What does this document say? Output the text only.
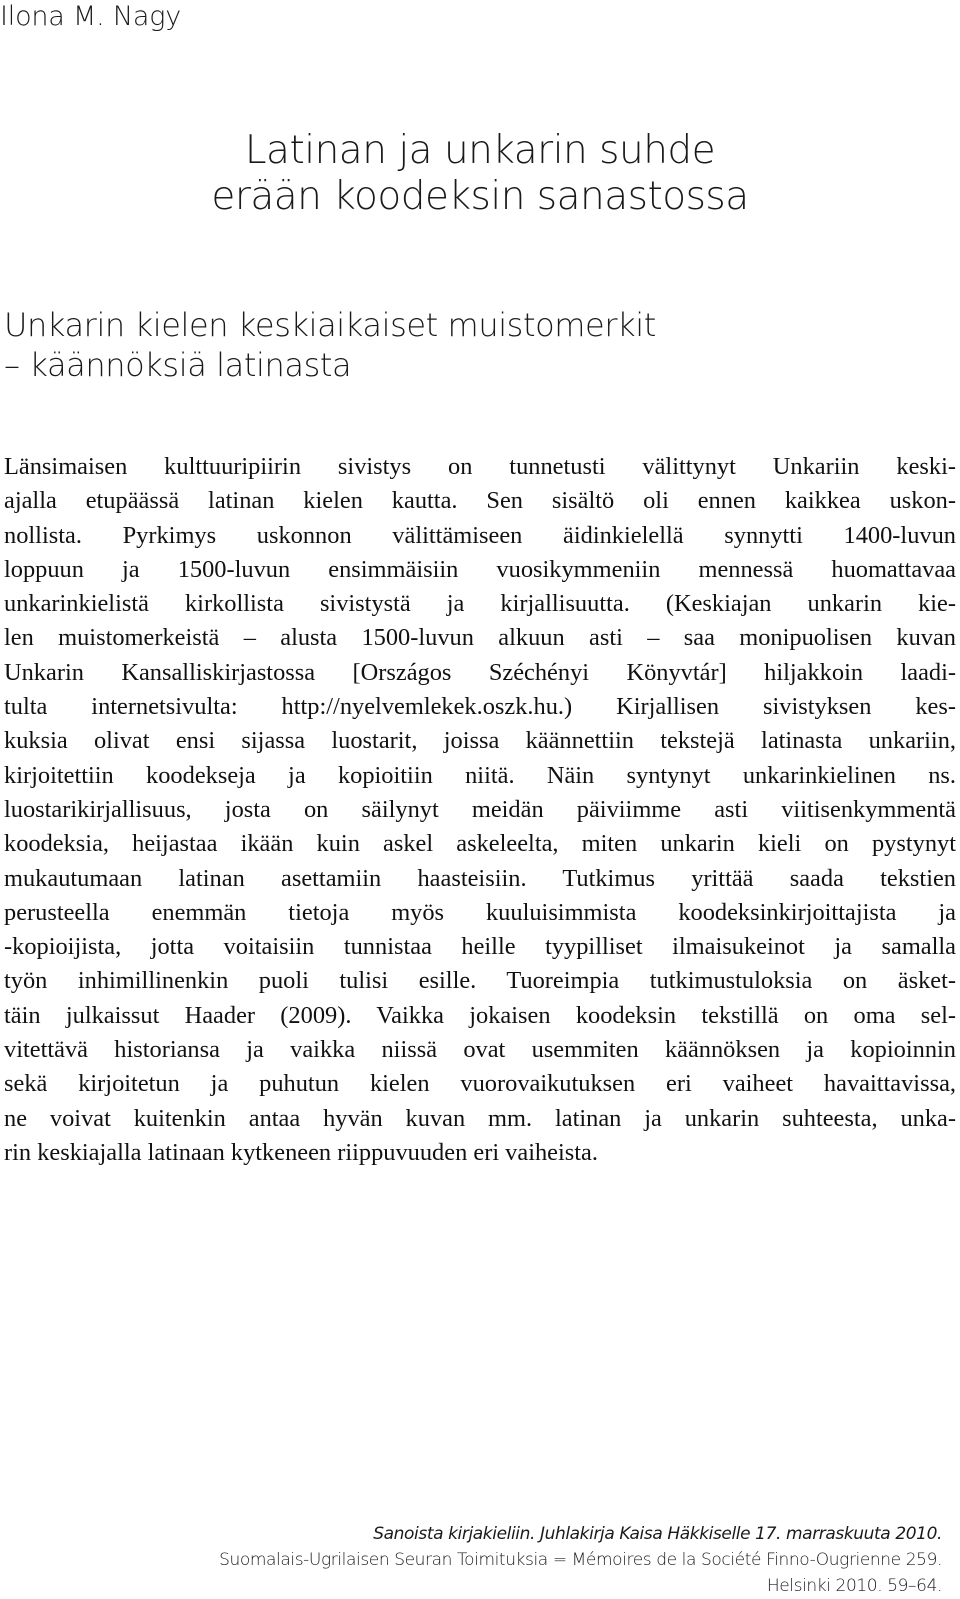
Ilona M. Nagy
Latinan ja unkarin suhde
erään koodeksin sanastossa
Unkarin kielen keskiaikaiset muistomerkit
– käännöksiä latinasta
Länsimaisen kulttuuripiirin sivistys on tunnetusti välittynyt Unkariin keski-
ajalla etupäässä latinan kielen kautta. Sen sisältö oli ennen kaikkea uskon-
nollista. Pyrkimys uskonnon välittämiseen äidinkielellä synnytti 1400-luvun
loppuun ja 1500-luvun ensimmäisiin vuosikymmeniin mennessä huomattavaa
unkarinkielistä kirkollista sivistystä ja kirjallisuutta. (Keskiajan unkarin kie-
len muistomerkeistä – alusta 1500-luvun alkuun asti – saa monipuolisen kuvan
Unkarin Kansalliskirjastossa [Országos Széchényi Könyvtár] hiljakkoin laadi-
tulta internetsivulta: http://nyelvemlekek.oszk.hu.) Kirjallisen sivistyksen kes-
kuksia olivat ensi sijassa luostarit, joissa käännettiin tekstejä latinasta unkariin,
kirjoitettiin koodekseja ja kopioitiin niitä. Näin syntynyt unkarinkielinen ns.
luostarikirjallisuus, josta on säilynyt meidän päiviimme asti viitisenkymmentä
koodeksia, heijastaa ikään kuin askel askeleelta, miten unkarin kieli on pystynyt
mukautumaan latinan asettamiin haasteisiin. Tutkimus yrittää saada tekstien
perusteella enemmän tietoja myös kuuluisimmista koodeksinkirjoittajista ja
-kopioijista, jotta voitaisiin tunnistaa heille tyypilliset ilmaisukeinot ja samalla
työn inhimillinenkin puoli tulisi esille. Tuoreimpia tutkimustuloksia on äsket-
täin julkaissut Haader (2009). Vaikka jokaisen koodeksin tekstillä on oma sel-
vitettävä historiansa ja vaikka niissä ovat usemmiten käännöksen ja kopioinnin
sekä kirjoitetun ja puhutun kielen vuorovaikutuksen eri vaiheet havaittavissa,
ne voivat kuitenkin antaa hyvän kuvan mm. latinan ja unkarin suhteesta, unka-
rin keskiajalla latinaan kytkeneen riippuvuuden eri vaiheista.
Sanoista kirjakieliin. Juhlakirja Kaisa Häkkiselle 17. marraskuuta 2010.
Suomalais-Ugrilaisen Seuran Toimituksia = Mémoires de la Société Finno-Ougrienne 259.
Helsinki 2010. 59–64.
